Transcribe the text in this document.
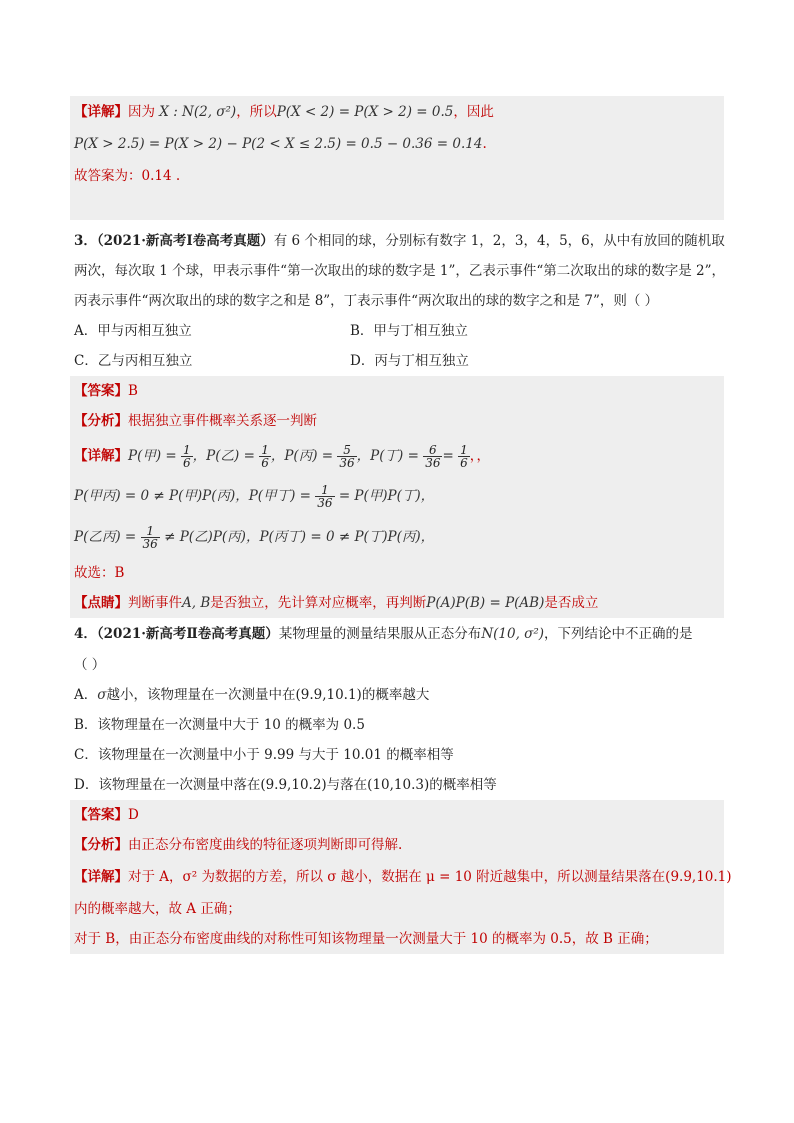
【详解】因为 X : N(2, σ²)，所以P(X < 2) = P(X > 2) = 0.5，因此
P(X > 2.5) = P(X > 2) − P(2 < X ≤ 2.5) = 0.5 − 0.36 = 0.14.
故答案为：0.14 .
3．（2021·新高考Ⅰ卷高考真题）有 6 个相同的球，分别标有数字 1，2，3，4，5，6，从中有放回的随机取
两次，每次取 1 个球，甲表示事件“第一次取出的球的数字是 1”，乙表示事件“第二次取出的球的数字是 2”，
丙表示事件“两次取出的球的数字之和是 8”，丁表示事件“两次取出的球的数字之和是 7”，则（ ）
A．甲与丙相互独立	B．甲与丁相互独立
C．乙与丙相互独立	D．丙与丁相互独立
【答案】B
【分析】根据独立事件概率关系逐一判断
【详解】P(甲) = $\frac{1}{6}$ ，P(乙) = $\frac{1}{6}$ ，P(丙) = $\frac{5}{36}$ ，P(丁) = $\frac{6}{36} = \frac{1}{6}$ ，，
P(甲丙) = 0 ≠ P(甲)P(丙)，P(甲丁) = $\frac{1}{36} = P$(甲)P(丁)，
P(乙丙) = $\frac{1}{36} \ne P$(乙)P(丙)，P(丙丁) = 0 ≠ P(丁)P(丙)，
故选：B
【点睛】判断事件A, B是否独立，先计算对应概率，再判断P(A)P(B) = P(AB)是否成立
4．（2021·新高考Ⅱ卷高考真题）某物理量的测量结果服从正态分布N(10, σ²)，下列结论中不正确的是
（ ）
A．σ越小，该物理量在一次测量中在(9.9,10.1)的概率越大
B．该物理量在一次测量中大于 10 的概率为 0.5
C．该物理量在一次测量中小于 9.99 与大于 10.01 的概率相等
D．该物理量在一次测量中落在(9.9,10.2)与落在(10,10.3)的概率相等
【答案】D
【分析】由正态分布密度曲线的特征逐项判断即可得解.
【详解】对于 A，σ² 为数据的方差，所以 σ 越小，数据在 μ = 10 附近越集中，所以测量结果落在(9.9,10.1)
内的概率越大，故 A 正确；
对于 B，由正态分布密度曲线的对称性可知该物理量一次测量大于 10 的概率为 0.5，故 B 正确；
